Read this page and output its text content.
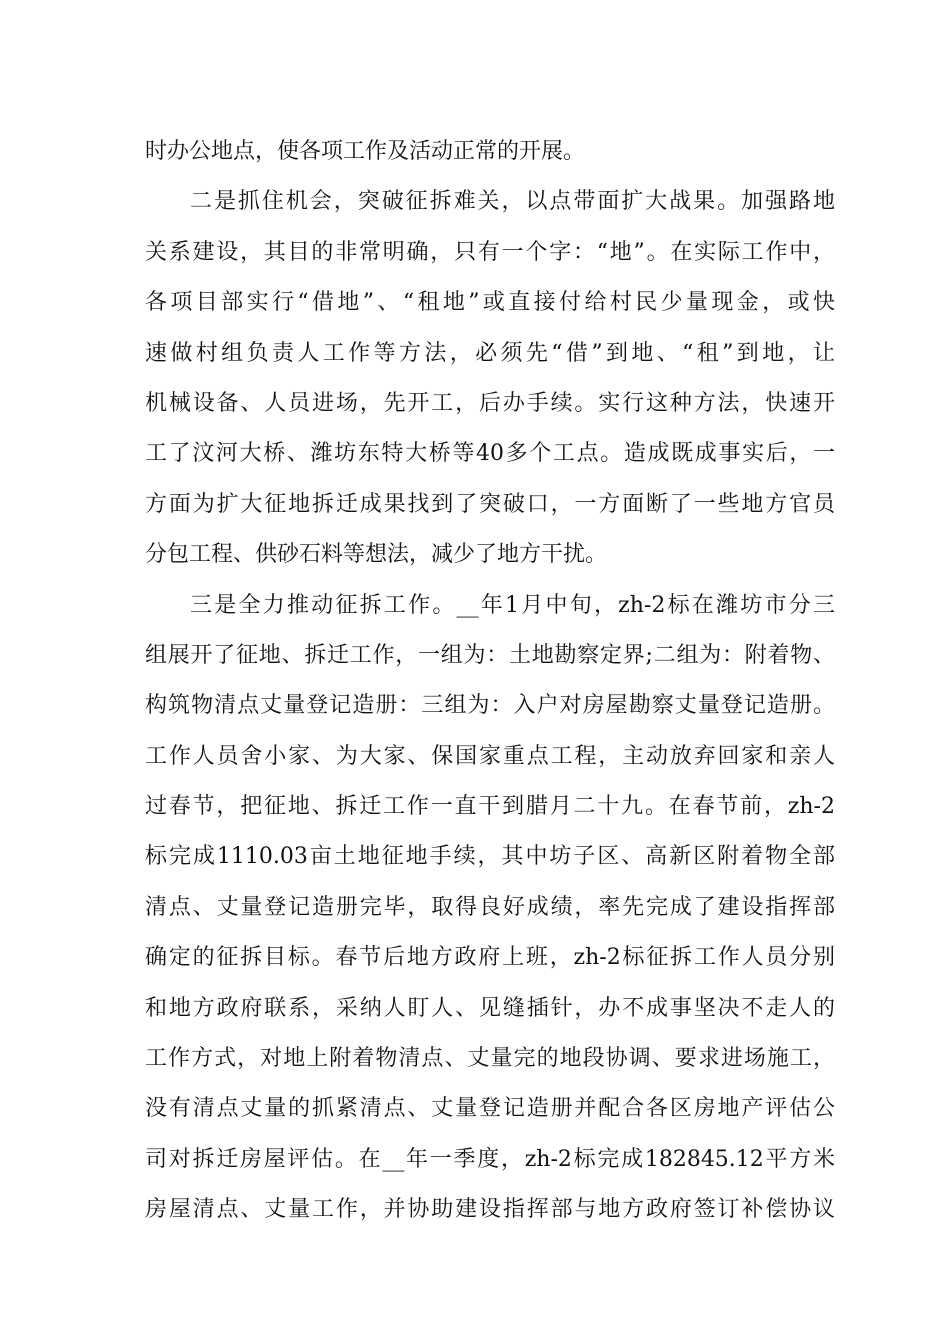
时办公地点，使各项工作及活动正常的开展。
二是抓住机会，突破征拆难关，以点带面扩大战果。加强路地
关系建设，其目的非常明确，只有一个字：“地”。在实际工作中，
各项目部实行“借地”、“租地”或直接付给村民少量现金，或快
速做村组负责人工作等方法，必须先“借”到地、“租”到地，让
机械设备、人员进场，先开工，后办手续。实行这种方法，快速开
工了汶河大桥、潍坊东特大桥等40多个工点。造成既成事实后，一
方面为扩大征地拆迁成果找到了突破口，一方面断了一些地方官员
分包工程、供砂石料等想法，减少了地方干扰。
三是全力推动征拆工作。__年1月中旬，zh-2标在潍坊市分三
组展开了征地、拆迁工作，一组为：土地勘察定界;二组为：附着物、
构筑物清点丈量登记造册：三组为：入户对房屋勘察丈量登记造册。
工作人员舍小家、为大家、保国家重点工程，主动放弃回家和亲人
过春节，把征地、拆迁工作一直干到腊月二十九。在春节前，zh-2
标完成1110.03亩土地征地手续，其中坊子区、高新区附着物全部
清点、丈量登记造册完毕，取得良好成绩，率先完成了建设指挥部
确定的征拆目标。春节后地方政府上班，zh-2标征拆工作人员分别
和地方政府联系，采纳人盯人、见缝插针，办不成事坚决不走人的
工作方式，对地上附着物清点、丈量完的地段协调、要求进场施工，
没有清点丈量的抓紧清点、丈量登记造册并配合各区房地产评估公
司对拆迁房屋评估。在__年一季度，zh-2标完成182845.12平方米
房屋清点、丈量工作，并协助建设指挥部与地方政府签订补偿协议
